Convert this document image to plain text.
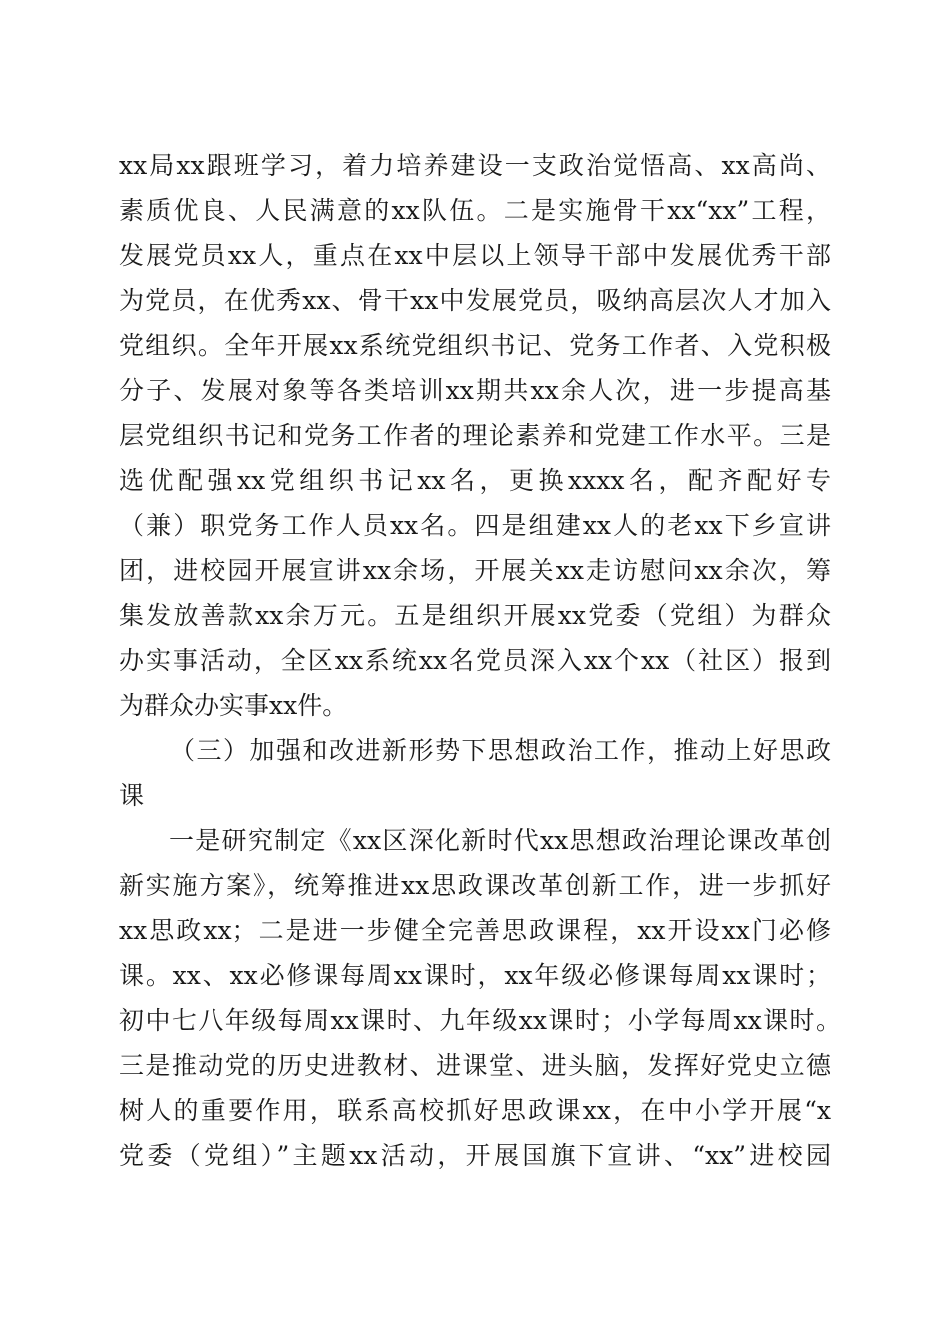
xx局xx跟班学习，着力培养建设一支政治觉悟高、xx高尚、
素质优良、人民满意的xx队伍。二是实施骨干xx“xx”工程，
发展党员xx人，重点在xx中层以上领导干部中发展优秀干部
为党员，在优秀xx、骨干xx中发展党员，吸纳高层次人才加入
党组织。全年开展xx系统党组织书记、党务工作者、入党积极
分子、发展对象等各类培训xx期共xx余人次，进一步提高基
层党组织书记和党务工作者的理论素养和党建工作水平。三是
选优配强xx党组织书记xx名，更换xxxx名，配齐配好专
（兼）职党务工作人员xx名。四是组建xx人的老xx下乡宣讲
团，进校园开展宣讲xx余场，开展关xx走访慰问xx余次，筹
集发放善款xx余万元。五是组织开展xx党委（党组）为群众
办实事活动，全区xx系统xx名党员深入xx个xx（社区）报到
为群众办实事xx件。
（三）加强和改进新形势下思想政治工作，推动上好思政
课
一是研究制定《xx区深化新时代xx思想政治理论课改革创
新实施方案》，统筹推进xx思政课改革创新工作，进一步抓好
xx思政xx；二是进一步健全完善思政课程，xx开设xx门必修
课。xx、xx必修课每周xx课时，xx年级必修课每周xx课时；
初中七八年级每周xx课时、九年级xx课时；小学每周xx课时。
三是推动党的历史进教材、进课堂、进头脑，发挥好党史立德
树人的重要作用，联系高校抓好思政课xx，在中小学开展“x
党委（党组）”主题xx活动，开展国旗下宣讲、“xx”进校园
